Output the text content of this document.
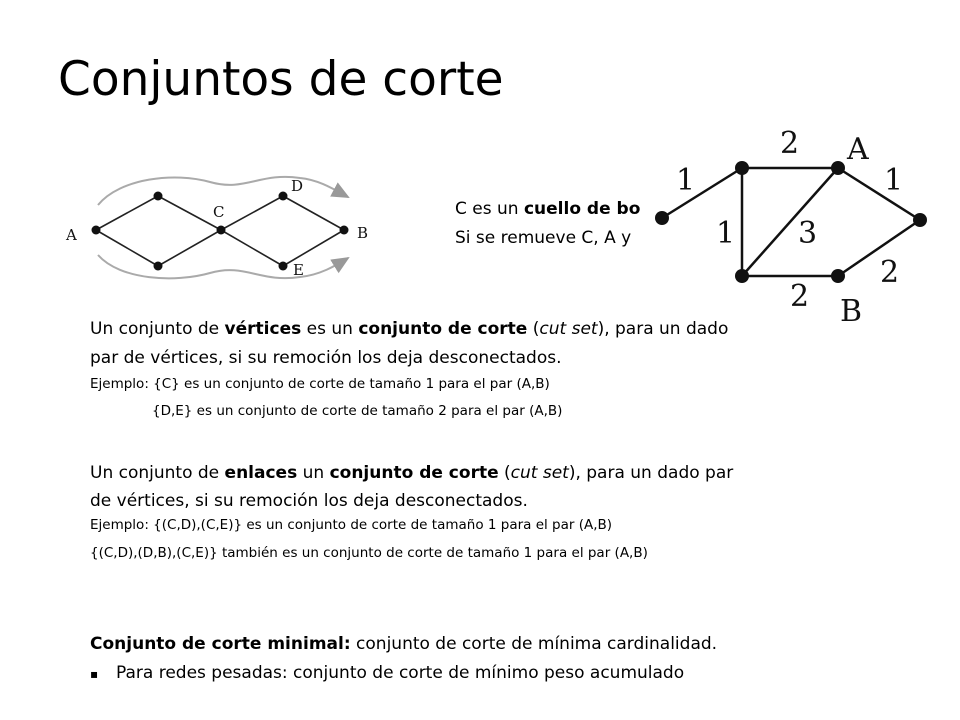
Conjuntos de corte
A
C
D
E
B
C es un cuello de bo
Si se remueve C, A y
2
1	1
1 3
2
2
A
B
Un conjunto de vértices es un conjunto de corte (cut set), para un dado
par de vértices, si su remoción los deja desconectados.
Ejemplo: {C} es un conjunto de corte de tamaño 1 para el par (A,B)
{D,E} es un conjunto de corte de tamaño 2 para el par (A,B)
Un conjunto de enlaces un conjunto de corte (cut set), para un dado par
de vértices, si su remoción los deja desconectados.
Ejemplo: {(C,D),(C,E)} es un conjunto de corte de tamaño 1 para el par (A,B)
{(C,D),(D,B),(C,E)} también es un conjunto de corte de tamaño 1 para el par (A,B)
Conjunto de corte minimal: conjunto de corte de mínima cardinalidad.
▪ Para redes pesadas: conjunto de corte de mínimo peso acumulado
